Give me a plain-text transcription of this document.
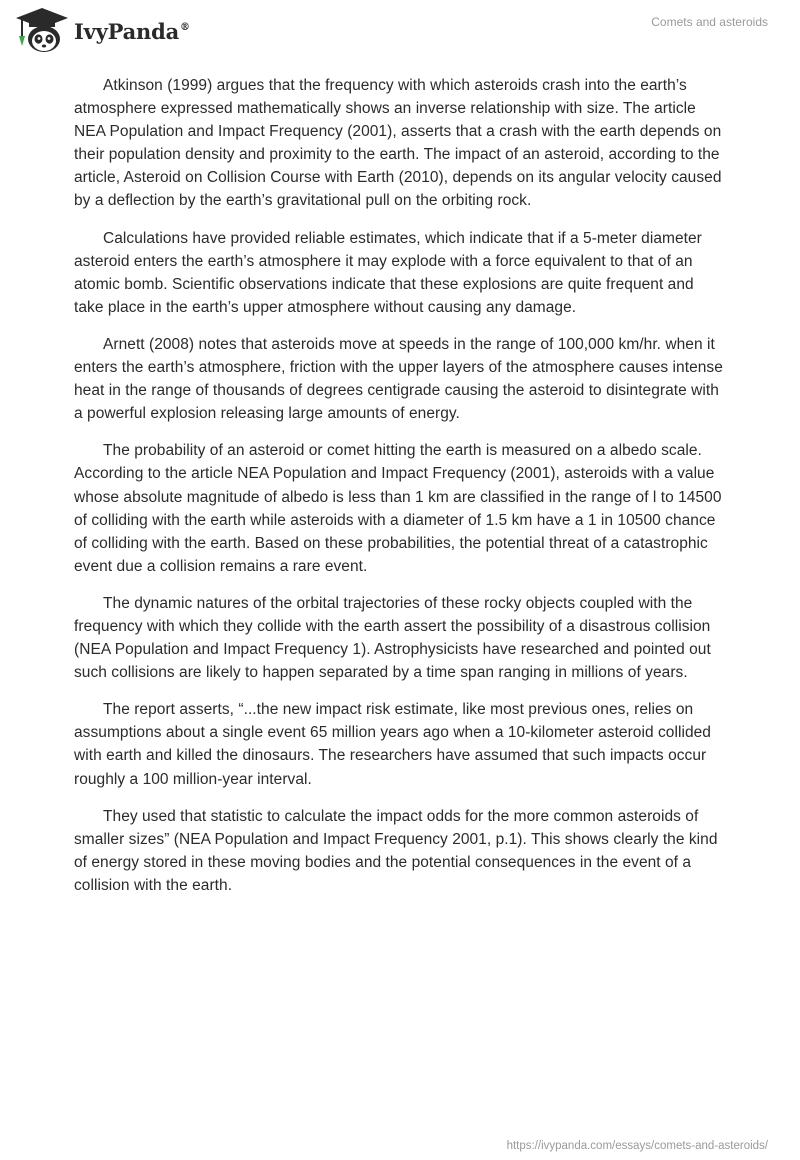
IvyPanda®	Comets and asteroids

Atkinson (1999) argues that the frequency with which asteroids crash into the earth’s atmosphere expressed mathematically shows an inverse relationship with size. The article NEA Population and Impact Frequency (2001), asserts that a crash with the earth depends on their population density and proximity to the earth. The impact of an asteroid, according to the article, Asteroid on Collision Course with Earth (2010), depends on its angular velocity caused by a deflection by the earth’s gravitational pull on the orbiting rock.

Calculations have provided reliable estimates, which indicate that if a 5-meter diameter asteroid enters the earth’s atmosphere it may explode with a force equivalent to that of an atomic bomb. Scientific observations indicate that these explosions are quite frequent and take place in the earth’s upper atmosphere without causing any damage.

Arnett (2008) notes that asteroids move at speeds in the range of 100,000 km/hr. when it enters the earth’s atmosphere, friction with the upper layers of the atmosphere causes intense heat in the range of thousands of degrees centigrade causing the asteroid to disintegrate with a powerful explosion releasing large amounts of energy.

The probability of an asteroid or comet hitting the earth is measured on a albedo scale. According to the article NEA Population and Impact Frequency (2001), asteroids with a value whose absolute magnitude of albedo is less than 1 km are classified in the range of l to 14500 of colliding with the earth while asteroids with a diameter of 1.5 km have a 1 in 10500 chance of colliding with the earth. Based on these probabilities, the potential threat of a catastrophic event due a collision remains a rare event.

The dynamic natures of the orbital trajectories of these rocky objects coupled with the frequency with which they collide with the earth assert the possibility of a disastrous collision (NEA Population and Impact Frequency 1). Astrophysicists have researched and pointed out such collisions are likely to happen separated by a time span ranging in millions of years.

The report asserts, “...the new impact risk estimate, like most previous ones, relies on assumptions about a single event 65 million years ago when a 10-kilometer asteroid collided with earth and killed the dinosaurs. The researchers have assumed that such impacts occur roughly a 100 million-year interval.

They used that statistic to calculate the impact odds for the more common asteroids of smaller sizes” (NEA Population and Impact Frequency 2001, p.1). This shows clearly the kind of energy stored in these moving bodies and the potential consequences in the event of a collision with the earth.

https://ivypanda.com/essays/comets-and-asteroids/
